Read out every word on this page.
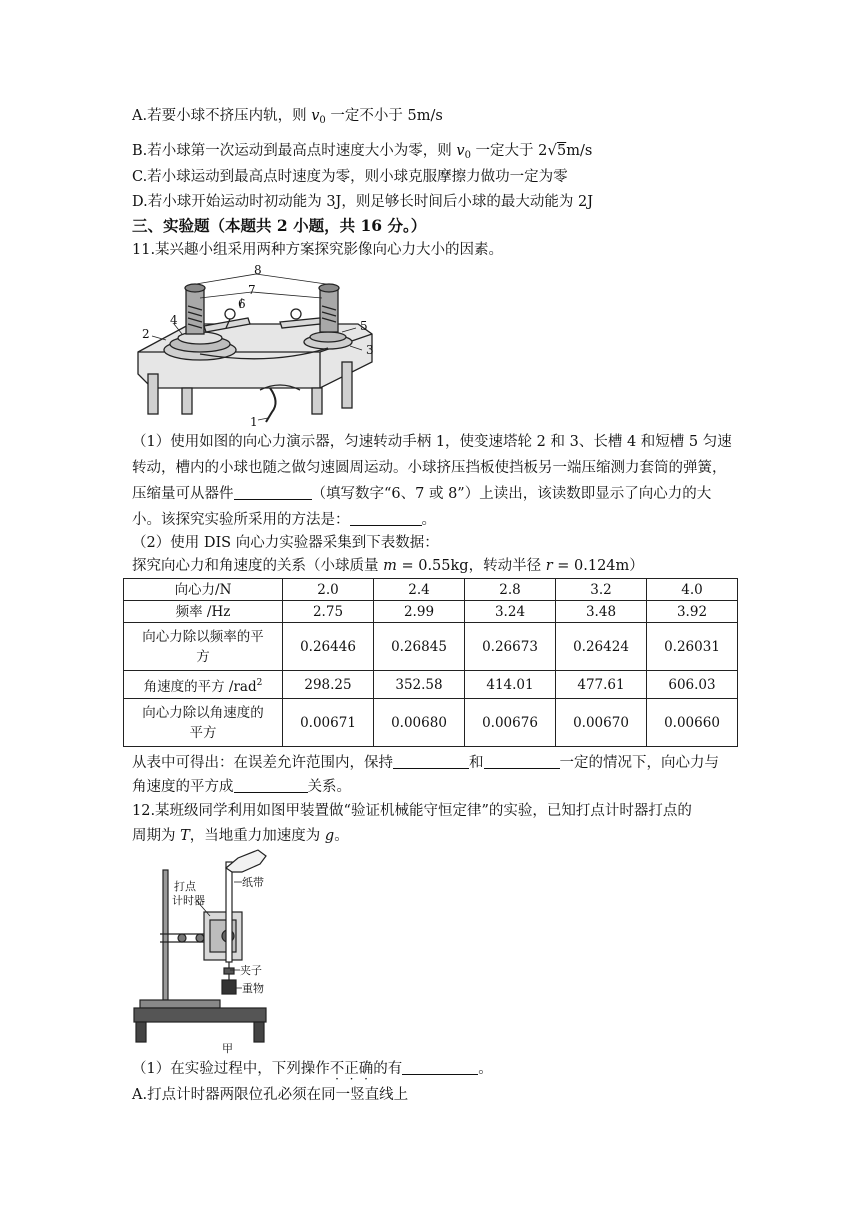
A.若要小球不挤压内轨，则 $v_0$ 一定不小于 5m/s
B.若小球第一次运动到最高点时速度大小为零，则 $v_0$ 一定大于 2√5m/s
C.若小球运动到最高点时速度为零，则小球克服摩擦力做功一定为零
D.若小球开始运动时初动能为 3J，则足够长时间后小球的最大动能为 2J
三、实验题（本题共 2 小题，共 16 分。）
11.某兴趣小组采用两种方案探究影像向心力大小的因素。
8
7
6
2
4	5
3
1
（1）使用如图的向心力演示器，匀速转动手柄 1，使变速塔轮 2 和 3、长槽 4 和短槽 5 匀速
转动，槽内的小球也随之做匀速圆周运动。小球挤压挡板使挡板另一端压缩测力套筒的弹簧，
压缩量可从器件	（填写数字“6、7 或 8”）上读出，该读数即显示了向心力的大
小。该探究实验所采用的方法是：	。
（2）使用 DIS 向心力实验器采集到下表数据：
探究向心力和角速度的关系（小球质量 m = 0.55kg，转动半径 r = 0.124m）
向心力/N	2.0	2.4	2.8	3.2	4.0
频率 /Hz	2.75	2.99	3.24	3.48	3.92
向心力除以频率的平
方	0.26446	0.26845	0.26673	0.26424	0.26031
角速度的平方 /rad$^2$	298.25	352.58	414.01	477.61	606.03
向心力除以角速度的
平方	0.00671	0.00680	0.00676	0.00670	0.00660
从表中可得出：在误差允许范围内，保持	和	一定的情况下，向心力与
角速度的平方成	关系。
12.某班级同学利用如图甲装置做“验证机械能守恒定律”的实验，已知打点计时器打点的
周期为 T，当地重力加速度为 g。
打点
计时器
纸带
夹子
重物
甲
（1）在实验过程中，下列操作不正确的有	。
A.打点计时器两限位孔必须在同一竖直线上
